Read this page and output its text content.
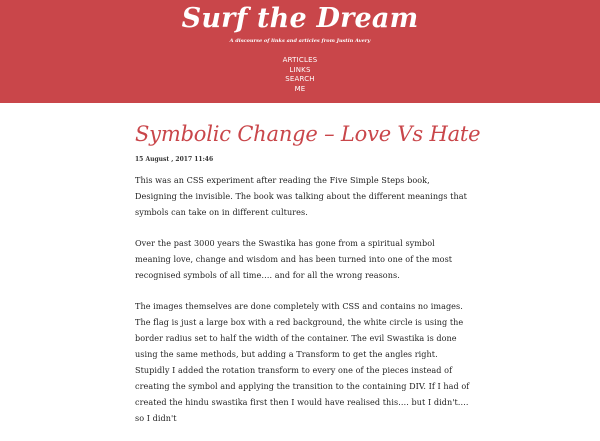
Surf the Dream
A discourse of links and articles from Justin Avery
ARTICLES
LINKS
SEARCH
ME
Symbolic Change – Love Vs Hate
15 August , 2017 11:46

This was an CSS experiment after reading the Five Simple Steps book, Designing the invisible. The book was talking about the different meanings that symbols can take on in different cultures.

Over the past 3000 years the Swastika has gone from a spiritual symbol meaning love, change and wisdom and has been turned into one of the most recognised symbols of all time…. and for all the wrong reasons.

The images themselves are done completely with CSS and contains no images. The flag is just a large box with a red background, the white circle is using the border radius set to half the width of the container. The evil Swastika is done using the same methods, but adding a Transform to get the angles right. Stupidly I added the rotation transform to every one of the pieces instead of creating the symbol and applying the transition to the containing DIV. If I had of created the hindu swastika first then I would have realised this…. but I didn't…. so I didn't
